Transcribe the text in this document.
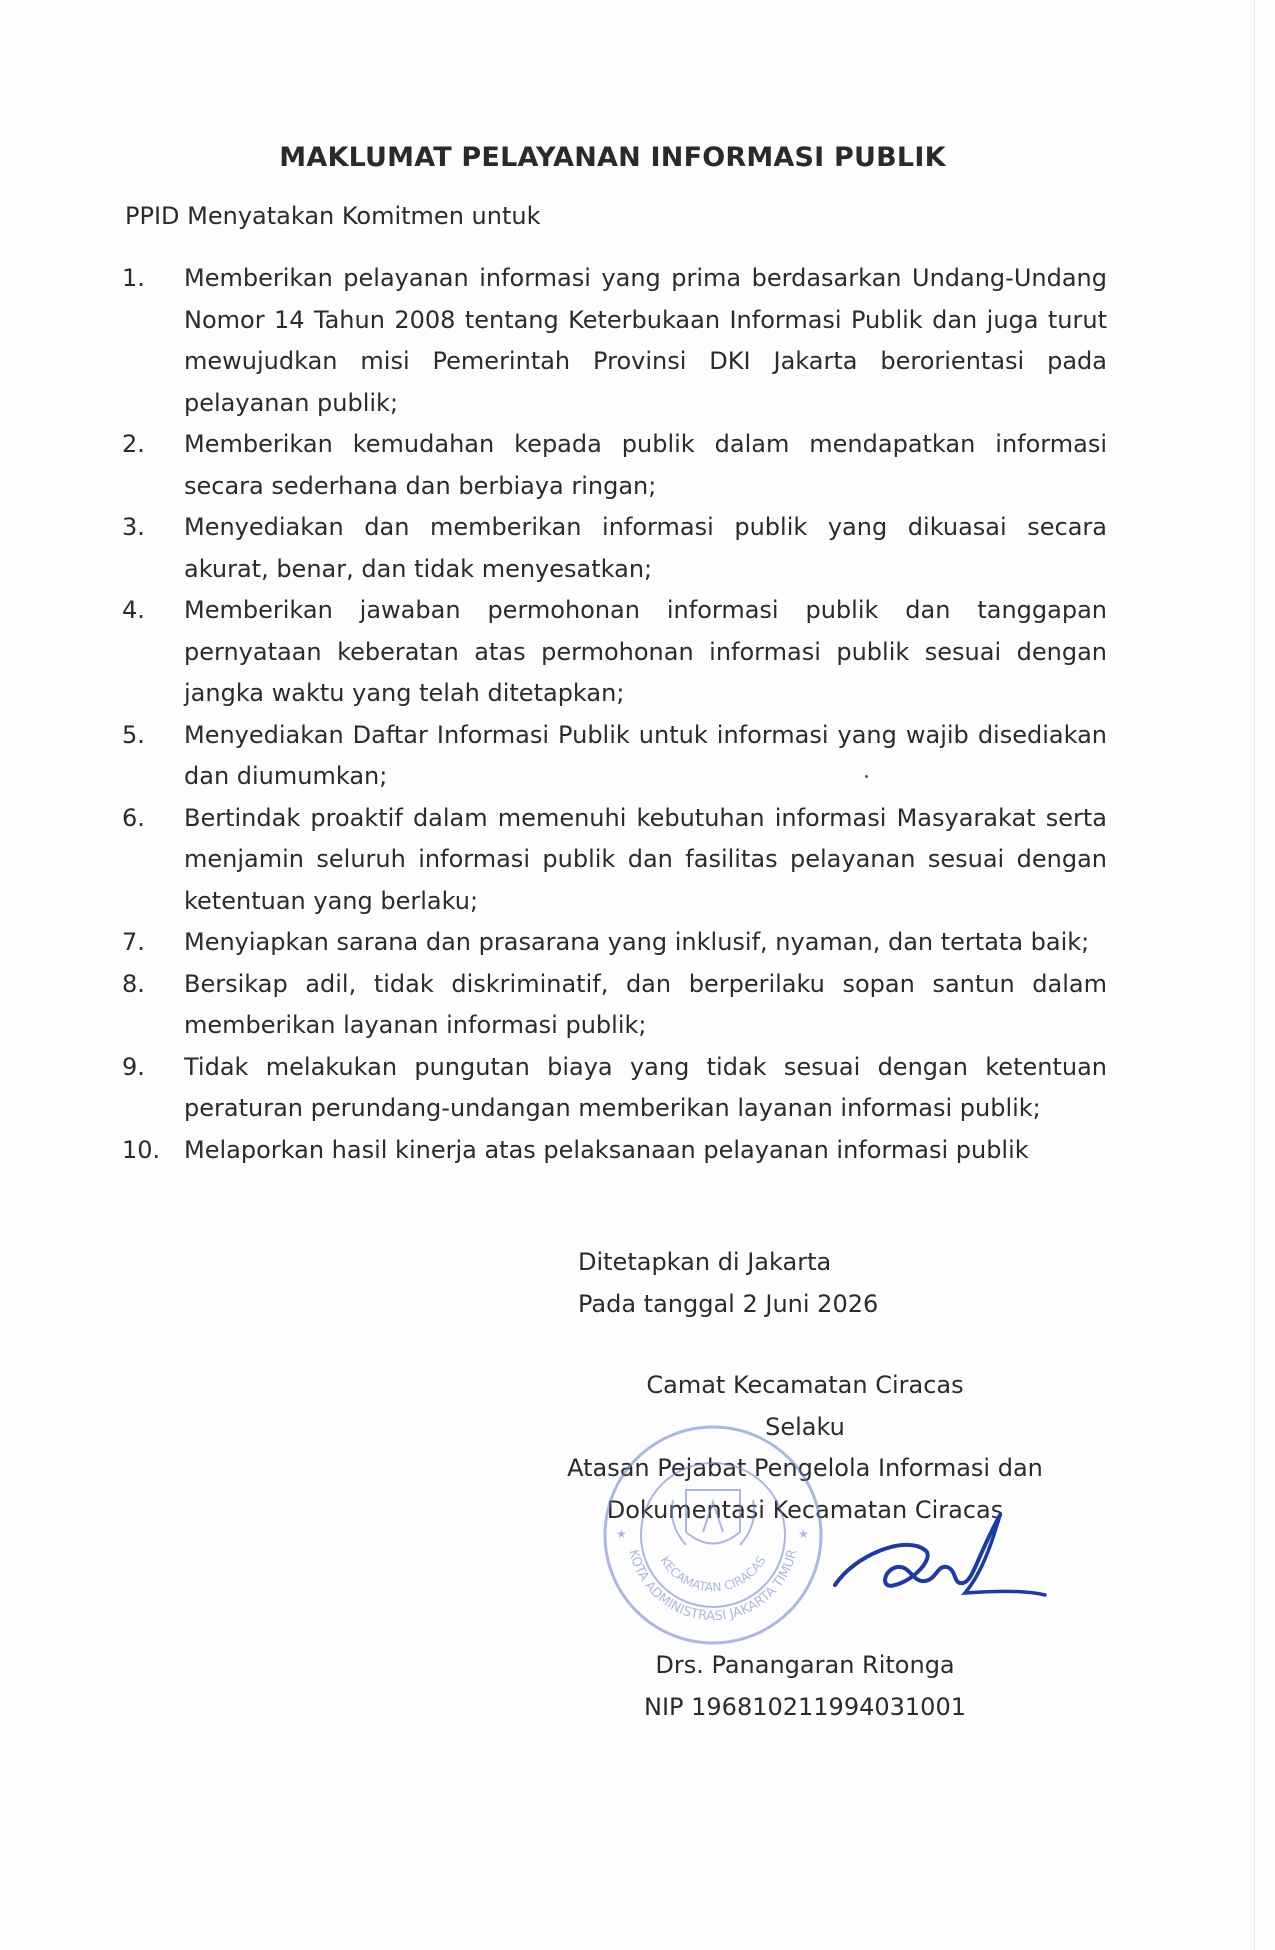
MAKLUMAT PELAYANAN INFORMASI PUBLIK
PPID Menyatakan Komitmen untuk
1.	Memberikan pelayanan informasi yang prima berdasarkan Undang-Undang Nomor 14 Tahun 2008 tentang Keterbukaan Informasi Publik dan juga turut mewujudkan misi Pemerintah Provinsi DKI Jakarta berorientasi pada pelayanan publik;
2.	Memberikan kemudahan kepada publik dalam mendapatkan informasi secara sederhana dan berbiaya ringan;
3.	Menyediakan dan memberikan informasi publik yang dikuasai secara akurat, benar, dan tidak menyesatkan;
4.	Memberikan jawaban permohonan informasi publik dan tanggapan pernyataan keberatan atas permohonan informasi publik sesuai dengan jangka waktu yang telah ditetapkan;
5.	Menyediakan Daftar Informasi Publik untuk informasi yang wajib disediakan dan diumumkan;
6.	Bertindak proaktif dalam memenuhi kebutuhan informasi Masyarakat serta menjamin seluruh informasi publik dan fasilitas pelayanan sesuai dengan ketentuan yang berlaku;
7.	Menyiapkan sarana dan prasarana yang inklusif, nyaman, dan tertata baik;
8.	Bersikap adil, tidak diskriminatif, dan berperilaku sopan santun dalam memberikan layanan informasi publik;
9.	Tidak melakukan pungutan biaya yang tidak sesuai dengan ketentuan peraturan perundang-undangan memberikan layanan informasi publik;
10. Melaporkan hasil kinerja atas pelaksanaan pelayanan informasi publik
Ditetapkan di Jakarta
Pada tanggal 2 Juni 2026
Camat Kecamatan Ciracas
Selaku
Atasan Pejabat Pengelola Informasi dan
Dokumentasi Kecamatan Ciracas
KOTA ADMINISTRASI JAKARTA TIMUR
KECAMATAN CIRACAS
★	★
Drs. Panangaran Ritonga
NIP 196810211994031001
